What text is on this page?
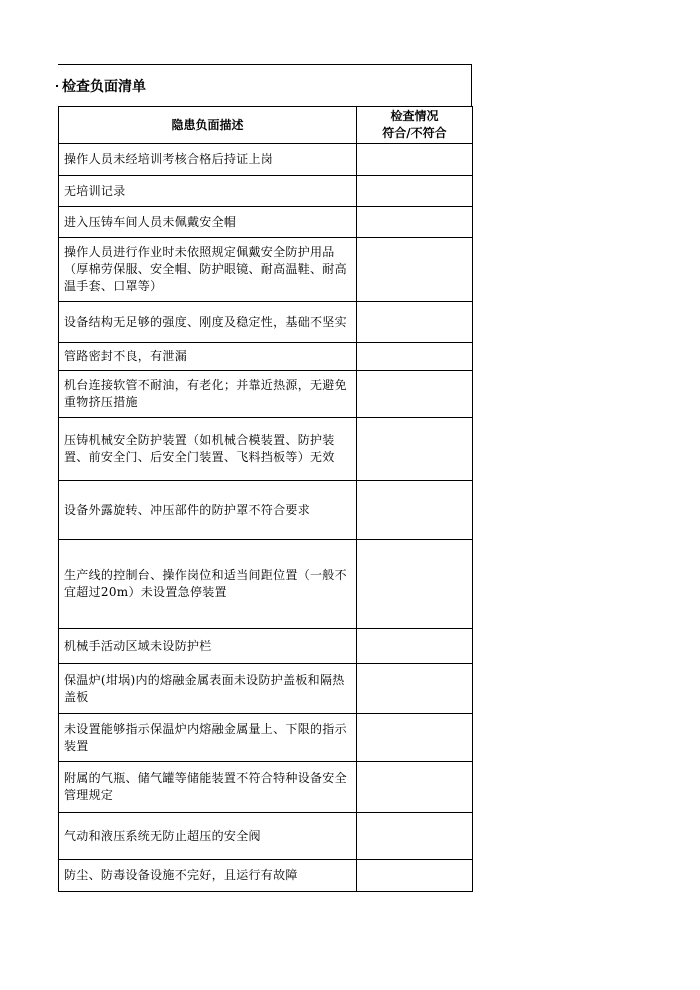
检查负面清单
隐患负面描述	检查情况
符合/不符合

操作人员未经培训考核合格后持证上岗	
无培训记录	
进入压铸车间人员未佩戴安全帽	
操作人员进行作业时未依照规定佩戴安全防护用品（厚棉劳保服、安全帽、防护眼镜、耐高温鞋、耐高温手套、口罩等）	
设备结构无足够的强度、刚度及稳定性，基础不坚实	
管路密封不良，有泄漏	
机台连接软管不耐油，有老化；并靠近热源，无避免重物挤压措施	
压铸机械安全防护装置（如机械合模装置、防护装置、前安全门、后安全门装置、飞料挡板等）无效	
设备外露旋转、冲压部件的防护罩不符合要求	
生产线的控制台、操作岗位和适当间距位置（一般不宜超过20m）未设置急停装置	
机械手活动区域未设防护栏	
保温炉(坩埚)内的熔融金属表面未设防护盖板和隔热盖板	
未设置能够指示保温炉内熔融金属量上、下限的指示装置	
附属的气瓶、储气罐等储能装置不符合特种设备安全管理规定	
气动和液压系统无防止超压的安全阀	
防尘、防毒设备设施不完好，且运行有故障	
